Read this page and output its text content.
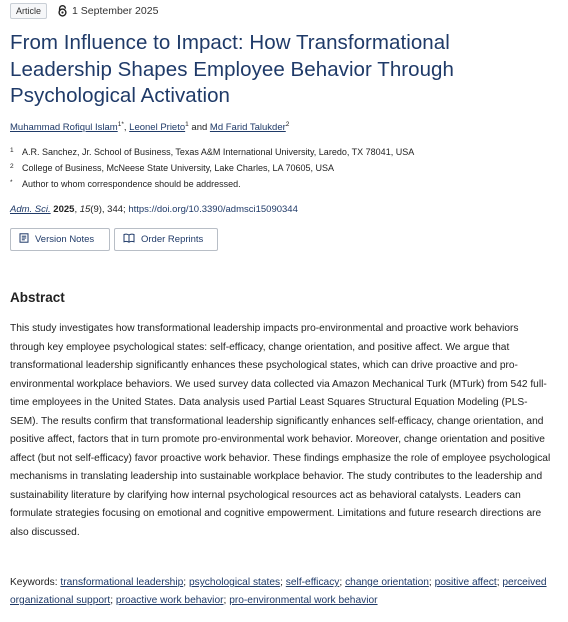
Article	1 September 2025
From Influence to Impact: How Transformational Leadership Shapes Employee Behavior Through Psychological Activation
Muhammad Rofiqul Islam$^{1*}$, Leonel Prieto$^1$ and Md Farid Talukder$^2$
1 A.R. Sanchez, Jr. School of Business, Texas A&M International University, Laredo, TX 78041, USA
2 College of Business, McNeese State University, Lake Charles, LA 70605, USA
*	Author to whom correspondence should be addressed.
Adm. Sci. 2025, 15(9), 344; https://doi.org/10.3390/admsci15090344
Version Notes	Order Reprints
Abstract

This study investigates how transformational leadership impacts pro-environmental and proactive work behaviors through key employee psychological states: self-efficacy, change orientation, and positive affect. We argue that transformational leadership significantly enhances these psychological states, which can drive proactive and pro-environmental workplace behaviors. We used survey data collected via Amazon Mechanical Turk (MTurk) from 542 full-time employees in the United States. Data analysis used Partial Least Squares Structural Equation Modeling (PLS-SEM). The results confirm that transformational leadership significantly enhances self-efficacy, change orientation, and positive affect, factors that in turn promote pro-environmental work behavior. Moreover, change orientation and positive affect (but not self-efficacy) favor proactive work behavior. These findings emphasize the role of employee psychological mechanisms in translating leadership into sustainable workplace behavior. The study contributes to the leadership and sustainability literature by clarifying how internal psychological resources act as behavioral catalysts. Leaders can formulate strategies focusing on emotional and cognitive empowerment. Limitations and future research directions are also discussed.

Keywords: transformational leadership; psychological states; self-efficacy; change orientation; positive affect; perceived organizational support; proactive work behavior; pro-environmental work behavior
